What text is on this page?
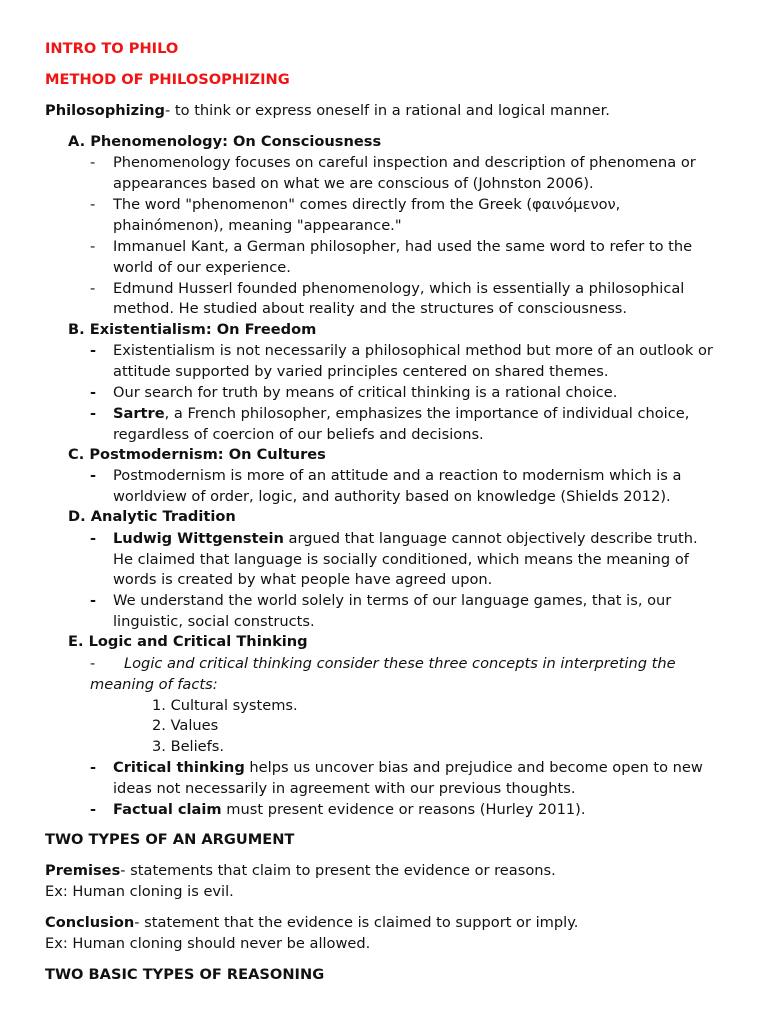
INTRO TO PHILO
METHOD OF PHILOSOPHIZING
Philosophizing- to think or express oneself in a rational and logical manner.
A. Phenomenology: On Consciousness
- Phenomenology focuses on careful inspection and description of phenomena or
appearances based on what we are conscious of (Johnston 2006).
- The word "phenomenon" comes directly from the Greek (φαινόμενον,
phainómenon), meaning "appearance."
- Immanuel Kant, a German philosopher, had used the same word to refer to the
world of our experience.
- Edmund Husserl founded phenomenology, which is essentially a philosophical
method. He studied about reality and the structures of consciousness.
B. Existentialism: On Freedom
- Existentialism is not necessarily a philosophical method but more of an outlook or
attitude supported by varied principles centered on shared themes.
- Our search for truth by means of critical thinking is a rational choice.
- Sartre, a French philosopher, emphasizes the importance of individual choice,
regardless of coercion of our beliefs and decisions.
C. Postmodernism: On Cultures
- Postmodernism is more of an attitude and a reaction to modernism which is a
worldview of order, logic, and authority based on knowledge (Shields 2012).
D. Analytic Tradition
- Ludwig Wittgenstein argued that language cannot objectively describe truth.
He claimed that language is socially conditioned, which means the meaning of
words is created by what people have agreed upon.
- We understand the world solely in terms of our language games, that is, our
linguistic, social constructs.
E. Logic and Critical Thinking
- Logic and critical thinking consider these three concepts in interpreting the
meaning of facts:
1. Cultural systems.
2. Values
3. Beliefs.
- Critical thinking helps us uncover bias and prejudice and become open to new
ideas not necessarily in agreement with our previous thoughts.
- Factual claim must present evidence or reasons (Hurley 2011).
TWO TYPES OF AN ARGUMENT
Premises- statements that claim to present the evidence or reasons.
Ex: Human cloning is evil.
Conclusion- statement that the evidence is claimed to support or imply.
Ex: Human cloning should never be allowed.
TWO BASIC TYPES OF REASONING
